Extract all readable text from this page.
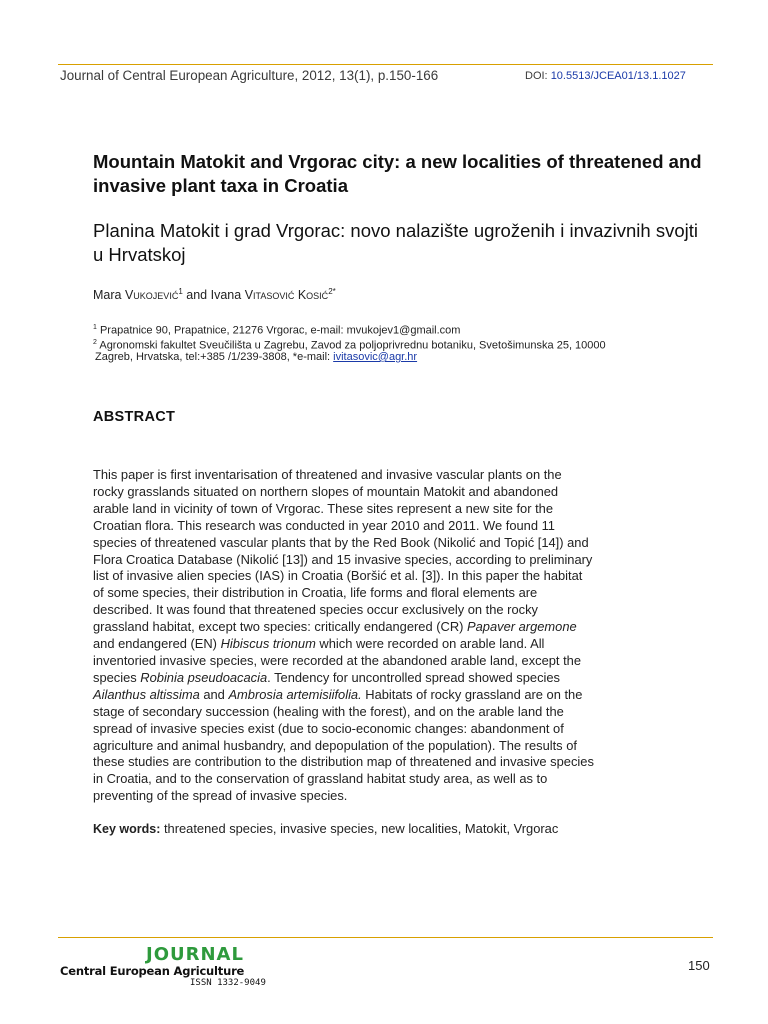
Journal of Central European Agriculture, 2012, 13(1), p.150-166	DOI: 10.5513/JCEA01/13.1.1027
Mountain Matokit and Vrgorac city: a new localities of threatened and invasive plant taxa in Croatia
Planina Matokit i grad Vrgorac: novo nalazište ugroženih i invazivnih svojti u Hrvatskoj
Mara Vukojević$^1$ and Ivana Vitasović Kosić$^{2*}$
$^1$ Prapatnice 90, Prapatnice, 21276 Vrgorac, e-mail: mvukojev1@gmail.com
$^2$ Agronomski fakultet Sveučilišta u Zagrebu, Zavod za poljoprivrednu botaniku, Svetošimunska 25, 10000
Zagreb, Hrvatska, tel:+385 /1/239-3808, *e-mail: ivitasovic@agr.hr
ABSTRACT

This paper is first inventarisation of threatened and invasive vascular plants on the

rocky grasslands situated on northern slopes of mountain Matokit and abandoned

arable land in vicinity of town of Vrgorac. These sites represent a new site for the

Croatian flora. This research was conducted in year 2010 and 2011. We found 11

species of threatened vascular plants that by the Red Book (Nikolić and Topić [14]) and

Flora Croatica Database (Nikolić [13]) and 15 invasive species, according to preliminary

list of invasive alien species (IAS) in Croatia (Boršić et al. [3]). In this paper the habitat

of some species, their distribution in Croatia, life forms and floral elements are

described. It was found that threatened species occur exclusively on the rocky

grassland habitat, except two species: critically endangered (CR) Papaver argemone

and endangered (EN) Hibiscus trionum which were recorded on arable land. All

inventoried invasive species, were recorded at the abandoned arable land, except the

species Robinia pseudoacacia. Tendency for uncontrolled spread showed species

Ailanthus altissima and Ambrosia artemisiifolia. Habitats of rocky grassland are on the

stage of secondary succession (healing with the forest), and on the arable land the

spread of invasive species exist (due to socio-economic changes: abandonment of

agriculture and animal husbandry, and depopulation of the population). The results of

these studies are contribution to the distribution map of threatened and invasive species

in Croatia, and to the conservation of grassland habitat study area, as well as to

preventing of the spread of invasive species.

Key words: threatened species, invasive species, new localities, Matokit, Vrgorac
JOURNAL
Central European Agriculture
ISSN 1332-9049
150
